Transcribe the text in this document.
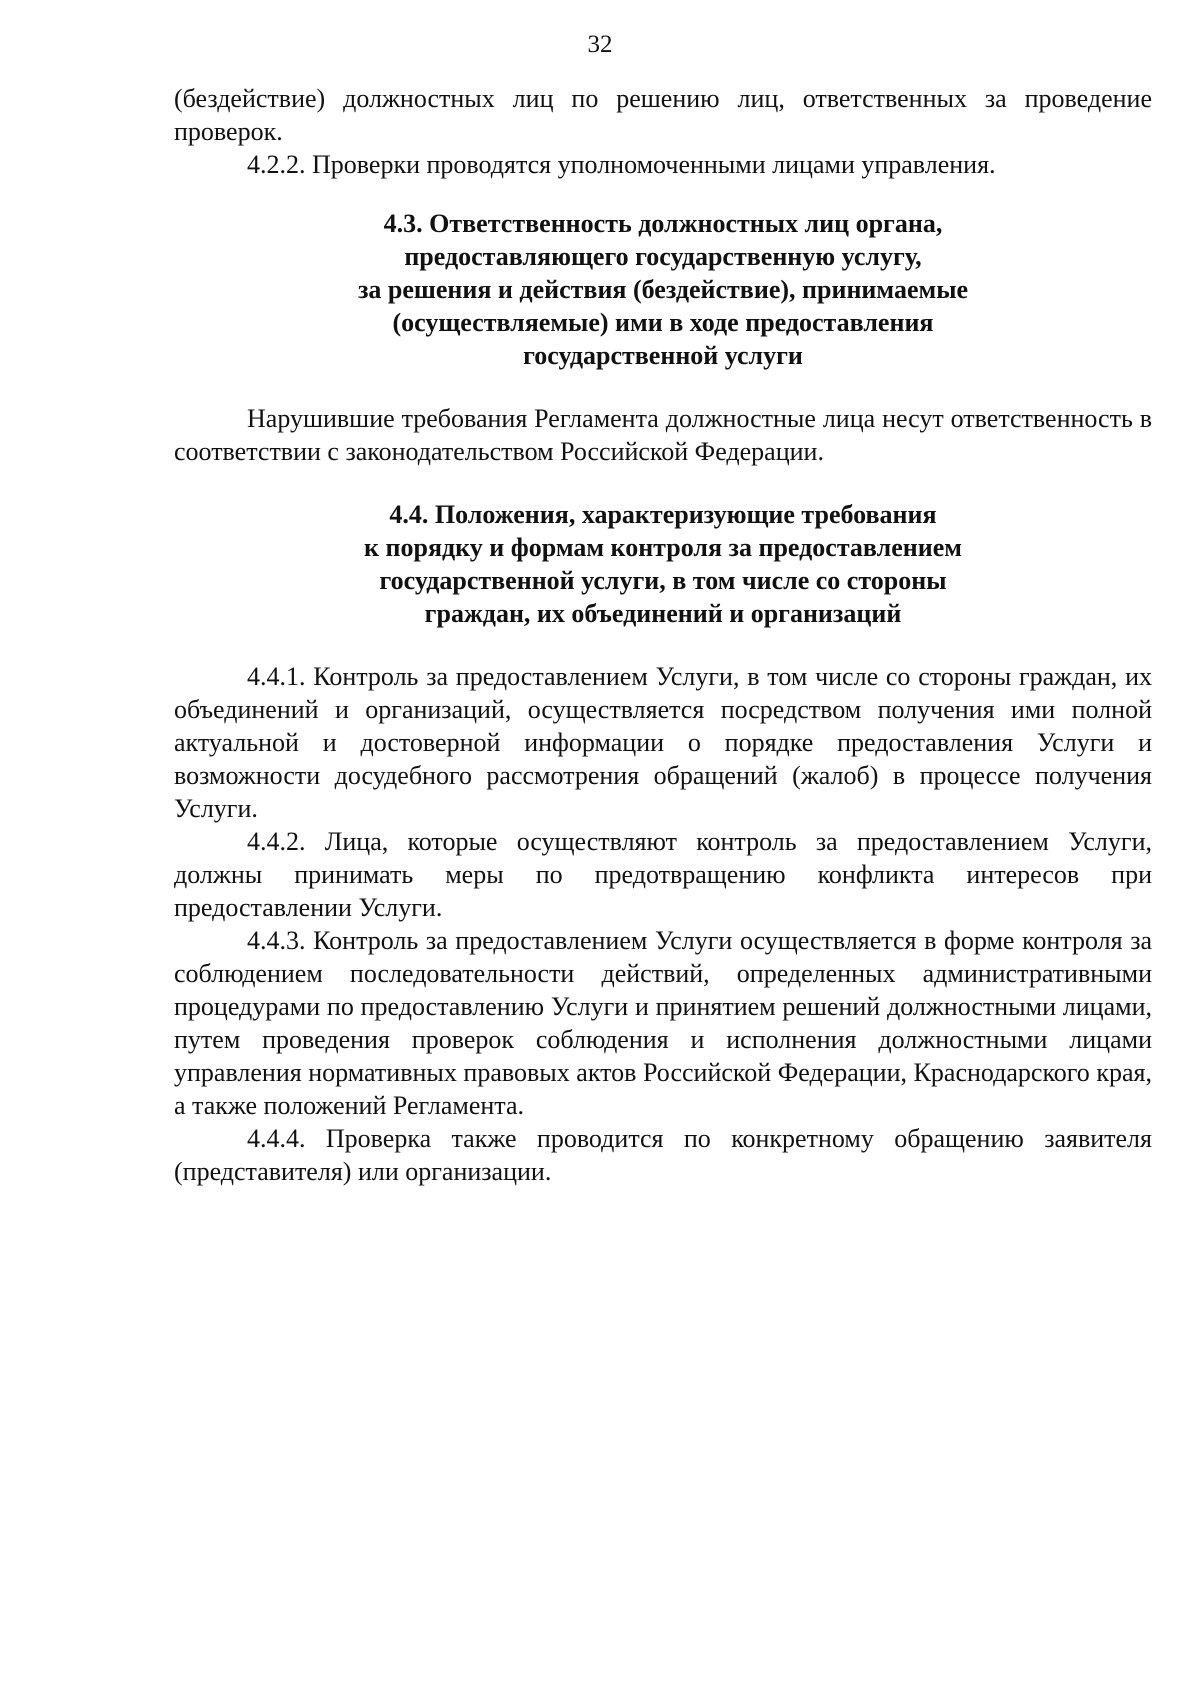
32

(бездействие) должностных лиц по решению лиц, ответственных за проведение проверок.

4.2.2. Проверки проводятся уполномоченными лицами управления.

4.3. Ответственность должностных лиц органа,
предоставляющего государственную услугу,
за решения и действия (бездействие), принимаемые
(осуществляемые) ими в ходе предоставления
государственной услуги

Нарушившие требования Регламента должностные лица несут ответственность в соответствии с законодательством Российской Федерации.

4.4. Положения, характеризующие требования
к порядку и формам контроля за предоставлением
государственной услуги, в том числе со стороны
граждан, их объединений и организаций

4.4.1. Контроль за предоставлением Услуги, в том числе со стороны граждан, их объединений и организаций, осуществляется посредством получения ими полной актуальной и достоверной информации о порядке предоставления Услуги и возможности досудебного рассмотрения обращений (жалоб) в процессе получения Услуги.

4.4.2. Лица, которые осуществляют контроль за предоставлением Услуги, должны принимать меры по предотвращению конфликта интересов при предоставлении Услуги.

4.4.3. Контроль за предоставлением Услуги осуществляется в форме контроля за соблюдением последовательности действий, определенных административными процедурами по предоставлению Услуги и принятием решений должностными лицами, путем проведения проверок соблюдения и исполнения должностными лицами управления нормативных правовых актов Российской Федерации, Краснодарского края, а также положений Регламента.

4.4.4. Проверка также проводится по конкретному обращению заявителя (представителя) или организации.
